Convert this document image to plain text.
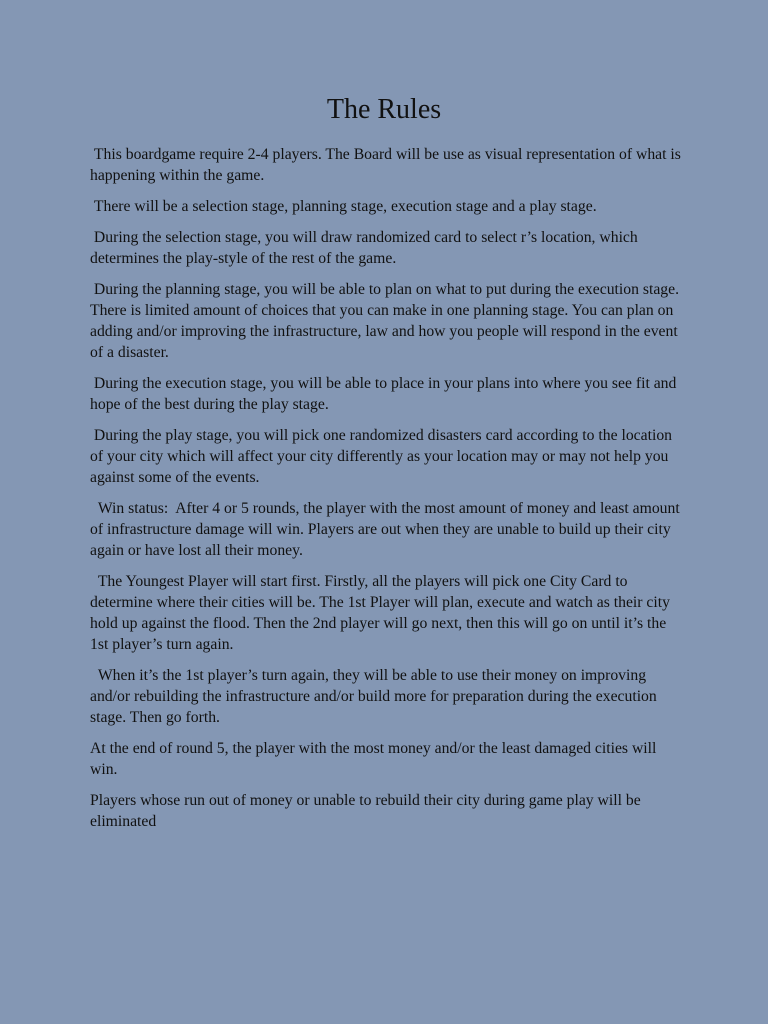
The Rules

This boardgame require 2-4 players. The Board will be use as visual representation of what is happening within the game.

There will be a selection stage, planning stage, execution stage and a play stage.

During the selection stage, you will draw randomized card to select r’s location, which determines the play-style of the rest of the game.

During the planning stage, you will be able to plan on what to put during the execution stage. There is limited amount of choices that you can make in one planning stage. You can plan on adding and/or improving the infrastructure, law and how you people will respond in the event of a disaster.

During the execution stage, you will be able to place in your plans into where you see fit and hope of the best during the play stage.

During the play stage, you will pick one randomized disasters card according to the location of your city which will affect your city differently as your location may or may not help you against some of the events.

Win status:  After 4 or 5 rounds, the player with the most amount of money and least amount of infrastructure damage will win. Players are out when they are unable to build up their city again or have lost all their money.

The Youngest Player will start first. Firstly, all the players will pick one City Card to determine where their cities will be. The 1st Player will plan, execute and watch as their city hold up against the flood. Then the 2nd player will go next, then this will go on until it’s the 1st player’s turn again.

When it’s the 1st player’s turn again, they will be able to use their money on improving and/or rebuilding the infrastructure and/or build more for preparation during the execution stage. Then go forth.

At the end of round 5, the player with the most money and/or the least damaged cities will win.

Players whose run out of money or unable to rebuild their city during game play will be eliminated
